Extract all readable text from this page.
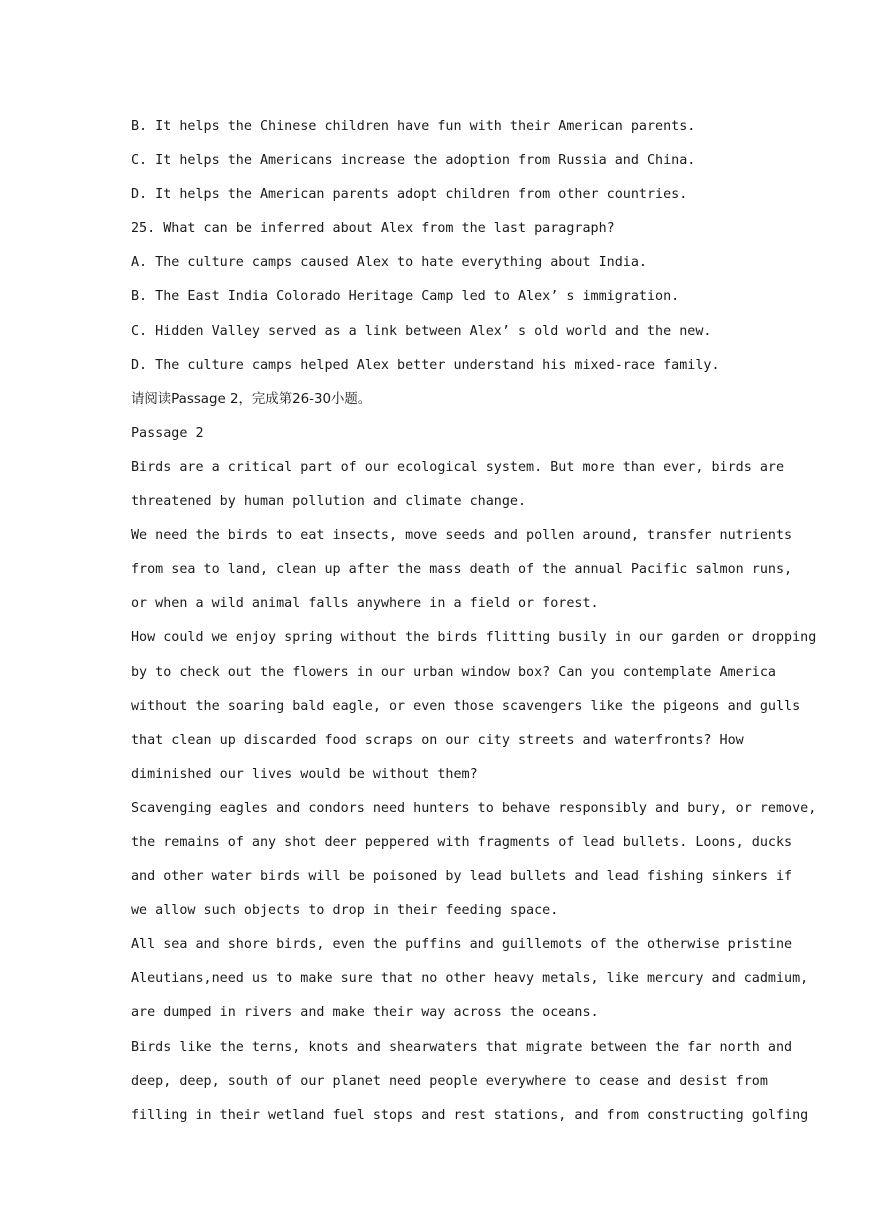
B. It helps the Chinese children have fun with their American parents.
C. It helps the Americans increase the adoption from Russia and China.
D. It helps the American parents adopt children from other countries.
25. What can be inferred about Alex from the last paragraph?
A. The culture camps caused Alex to hate everything about India.
B. The East India Colorado Heritage Camp led to Alex’ s immigration.
C. Hidden Valley served as a link between Alex’ s old world and the new.
D. The culture camps helped Alex better understand his mixed-race family.
请阅读Passage 2，完成第26-30小题。
Passage 2
Birds are a critical part of our ecological system. But more than ever, birds are
threatened by human pollution and climate change.
We need the birds to eat insects, move seeds and pollen around, transfer nutrients
from sea to land, clean up after the mass death of the annual Pacific salmon runs,
or when a wild animal falls anywhere in a field or forest.
How could we enjoy spring without the birds flitting busily in our garden or dropping
by to check out the flowers in our urban window box? Can you contemplate America
without the soaring bald eagle, or even those scavengers like the pigeons and gulls
that clean up discarded food scraps on our city streets and waterfronts? How
diminished our lives would be without them?
Scavenging eagles and condors need hunters to behave responsibly and bury, or remove,
the remains of any shot deer peppered with fragments of lead bullets. Loons, ducks
and other water birds will be poisoned by lead bullets and lead fishing sinkers if
we allow such objects to drop in their feeding space.
All sea and shore birds, even the puffins and guillemots of the otherwise pristine
Aleutians,need us to make sure that no other heavy metals, like mercury and cadmium,
are dumped in rivers and make their way across the oceans.
Birds like the terns, knots and shearwaters that migrate between the far north and
deep, deep, south of our planet need people everywhere to cease and desist from
filling in their wetland fuel stops and rest stations, and from constructing golfing
